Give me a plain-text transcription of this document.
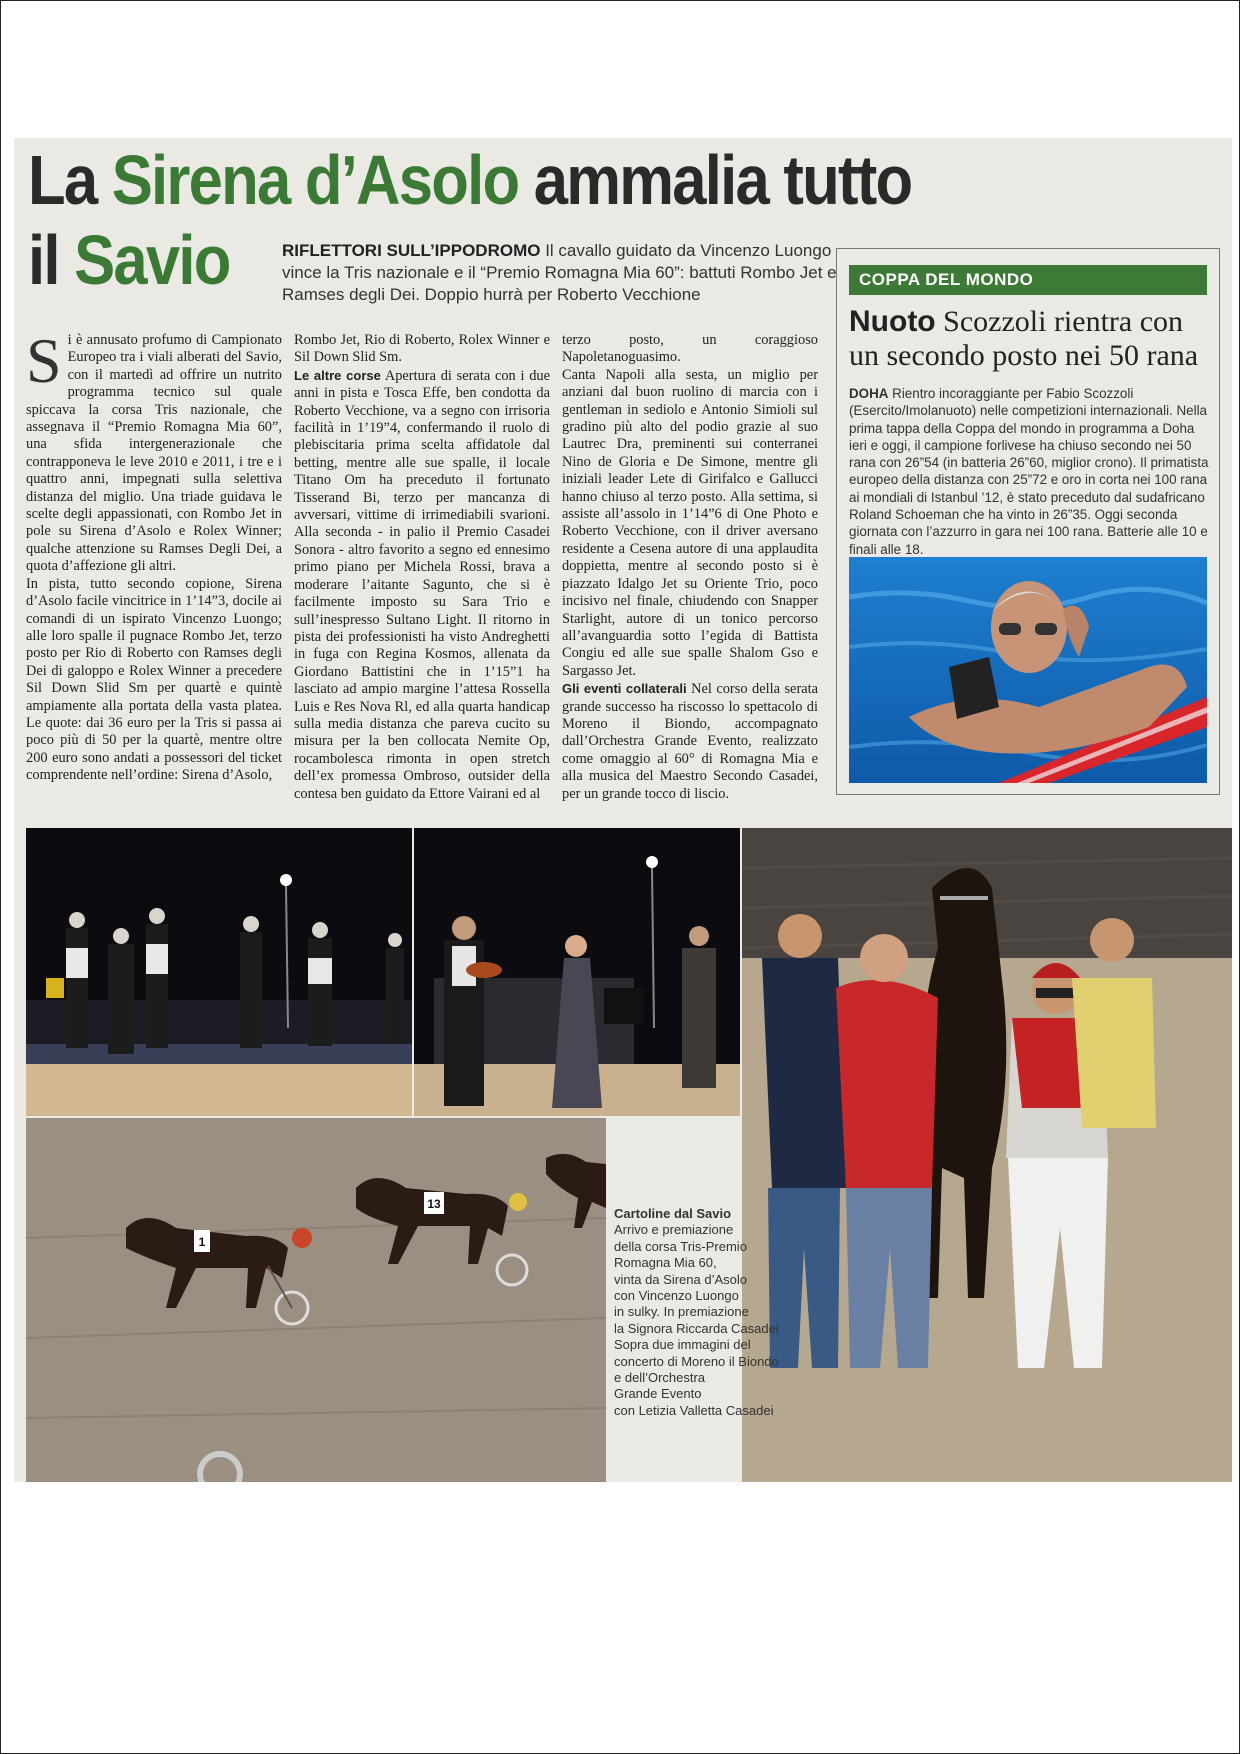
La Sirena d’Asolo ammalia tutto
il Savio	RIFLETTORI SULL’IPPODROMO Il cavallo guidato da Vincenzo Luongo vince la Tris nazionale e il “Premio Romagna Mia 60”: battuti Rombo Jet e Ramses degli Dei. Doppio hurrà per Roberto Vecchione
S i è annusato profumo di Campionato Europeo tra i viali alberati del Savio, con il martedì ad offrire un nutrito programma tecnico sul quale spiccava la corsa Tris nazionale, che assegnava il “Premio Romagna Mia 60”, una sfida intergenerazionale che contrapponeva le leve 2010 e 2011, i tre e i quattro anni, impegnati sulla selettiva distanza del miglio. Una triade guidava le scelte degli appassionati, con Rombo Jet in pole su Sirena d’Asolo e Rolex Winner; qualche attenzione su Ramses Degli Dei, a quota d’affezione gli altri.

In pista, tutto secondo copione, Sirena d’Asolo facile vincitrice in 1’14”3, docile ai comandi di un ispirato Vincenzo Luongo; alle loro spalle il pugnace Rombo Jet, terzo posto per Rio di Roberto con Ramses degli Dei di galoppo e Rolex Winner a precedere Sil Down Slid Sm per quartè e quintè ampiamente alla portata della vasta platea. Le quote: dai 36 euro per la Tris si passa ai poco più di 50 per la quartè, mentre oltre 200 euro sono andati a possessori del ticket comprendente nell’ordine: Sirena d’Asolo,

Rombo Jet, Rio di Roberto, Rolex Winner e Sil Down Slid Sm.

Le altre corse Apertura di serata con i due anni in pista e Tosca Effe, ben condotta da Roberto Vecchione, va a segno con irrisoria facilità in 1’19”4, confermando il ruolo di plebiscitaria prima scelta affidatole dal betting, mentre alle sue spalle, il locale Titano Om ha preceduto il fortunato Tisserand Bi, terzo per mancanza di avversari, vittime di irrimediabili svarioni. Alla seconda - in palio il Premio Casadei Sonora - altro favorito a segno ed ennesimo primo piano per Michela Rossi, brava a moderare l’aitante Sagunto, che si è facilmente imposto su Sara Trio e sull’inespresso Sultano Light. Il ritorno in pista dei professionisti ha visto Andreghetti in fuga con Regina Kosmos, allenata da Giordano Battistini che in 1’15”1 ha lasciato ad ampio margine l’attesa Rossella Luis e Res Nova Rl, ed alla quarta handicap sulla media distanza che pareva cucito su misura per la ben collocata Nemite Op, rocambolesca rimonta in open stretch dell’ex promessa Ombroso, outsider della contesa ben guidato da Ettore Vairani ed al

terzo posto, un coraggioso Napoletanoguasimo.

Canta Napoli alla sesta, un miglio per anziani dal buon ruolino di marcia con i gentleman in sediolo e Antonio Simioli sul gradino più alto del podio grazie al suo Lautrec Dra, preminenti sui conterranei Nino de Gloria e De Simone, mentre gli iniziali leader Lete di Girifalco e Gallucci hanno chiuso al terzo posto. Alla settima, si assiste all’assolo in 1’14”6 di One Photo e Roberto Vecchione, con il driver aversano residente a Cesena autore di una applaudita doppietta, mentre al secondo posto si è piazzato Idalgo Jet su Oriente Trio, poco incisivo nel finale, chiudendo con Snapper Starlight, autore di un tonico percorso all’avanguardia sotto l’egida di Battista Congiu ed alle sue spalle Shalom Gso e Sargasso Jet.

Gli eventi collaterali Nel corso della serata grande successo ha riscosso lo spettacolo di Moreno il Biondo, accompagnato dall’Orchestra Grande Evento, realizzato come omaggio al 60° di Romagna Mia e alla musica del Maestro Secondo Casadei, per un grande tocco di liscio.

COPPA DEL MONDO
Nuoto Scozzoli rientra con un secondo posto nei 50 rana
DOHA Rientro incoraggiante per Fabio Scozzoli (Esercito/Imolanuoto) nelle competizioni internazionali. Nella prima tappa della Coppa del mondo in programma a Doha ieri e oggi, il campione forlivese ha chiuso secondo nei 50 rana con 26”54 (in batteria 26”60, miglior crono). Il primatista europeo della distanza con 25”72 e oro in corta nei 100 rana ai mondiali di Istanbul ’12, è stato preceduto dal sudafricano Roland Schoeman che ha vinto in 26”35. Oggi seconda giornata con l’azzurro in gara nei 100 rana. Batterie alle 10 e finali alle 18.
1
13
Cartoline dal Savio
Arrivo e premiazione
della corsa Tris-Premio
Romagna Mia 60,
vinta da Sirena d’Asolo
con Vincenzo Luongo
in sulky. In premiazione
la Signora Riccarda Casadei
Sopra due immagini del
concerto di Moreno il Biondo
e dell’Orchestra
Grande Evento
con Letizia Valletta Casadei
